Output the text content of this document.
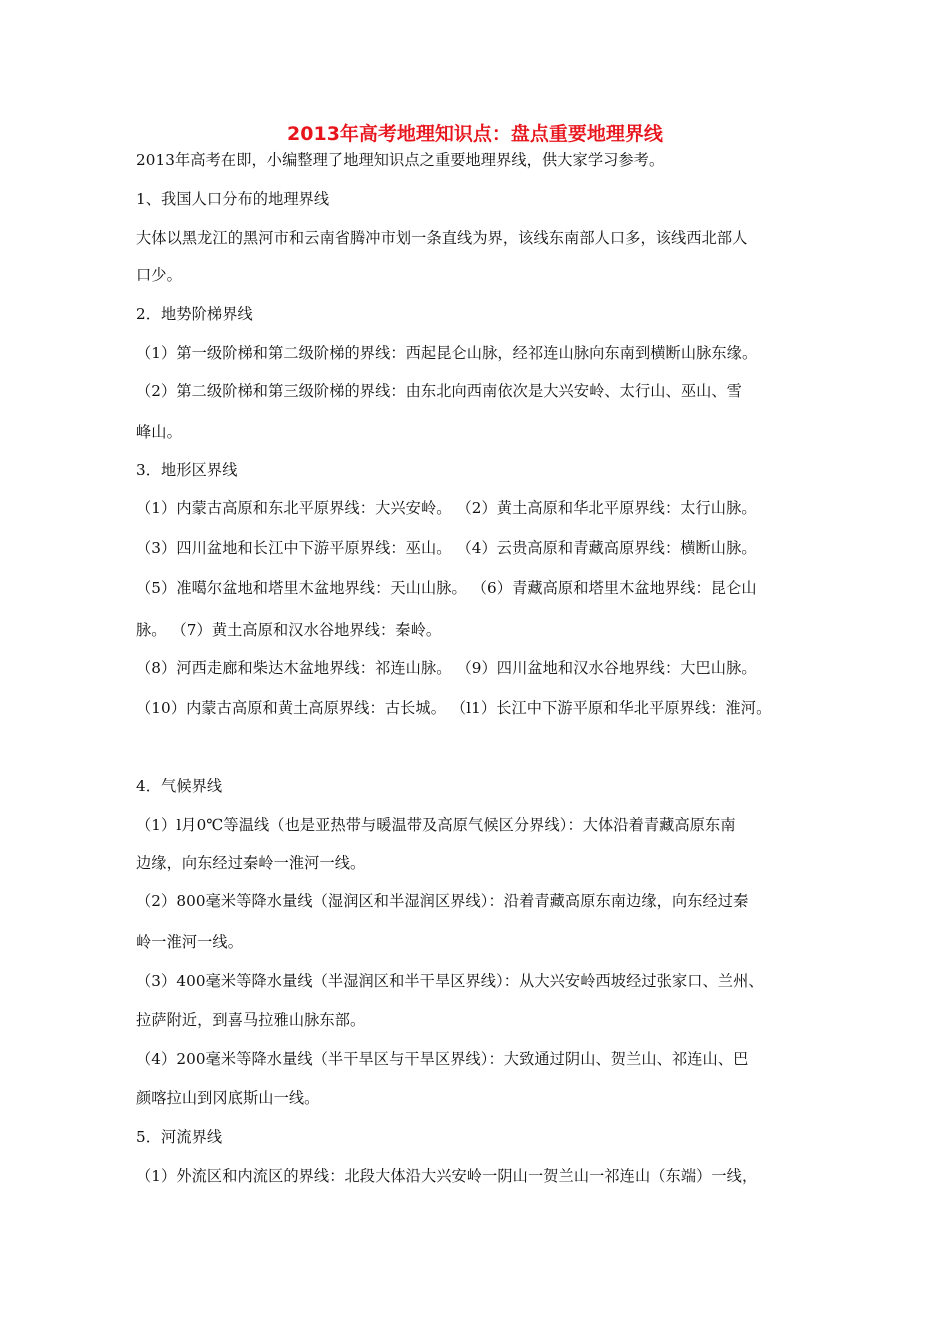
2013年高考地理知识点：盘点重要地理界线
2013年高考在即，小编整理了地理知识点之重要地理界线，供大家学习参考。
1、我国人口分布的地理界线
大体以黑龙江的黑河市和云南省腾冲市划一条直线为界，该线东南部人口多，该线西北部人
口少。
2．地势阶梯界线
（1）第一级阶梯和第二级阶梯的界线：西起昆仑山脉，经祁连山脉向东南到横断山脉东缘。
（2）第二级阶梯和第三级阶梯的界线：由东北向西南依次是大兴安岭、太行山、巫山、雪
峰山。
3．地形区界线
（1）内蒙古高原和东北平原界线：大兴安岭。 （2）黄土高原和华北平原界线：太行山脉。
（3）四川盆地和长江中下游平原界线：巫山。 （4）云贵高原和青藏高原界线：横断山脉。
（5）准噶尔盆地和塔里木盆地界线：天山山脉。 （6）青藏高原和塔里木盆地界线：昆仑山
脉。 （7）黄土高原和汉水谷地界线：秦岭。
（8）河西走廊和柴达木盆地界线：祁连山脉。 （9）四川盆地和汉水谷地界线：大巴山脉。
（10）内蒙古高原和黄土高原界线：古长城。 （l1）长江中下游平原和华北平原界线：淮河。
4．气候界线
（1）l月0℃等温线（也是亚热带与暖温带及高原气候区分界线）：大体沿着青藏高原东南
边缘，向东经过秦岭一淮河一线。
（2）800毫米等降水量线（湿润区和半湿润区界线）：沿着青藏高原东南边缘，向东经过秦
岭一淮河一线。
（3）400毫米等降水量线（半湿润区和半干旱区界线）：从大兴安岭西坡经过张家口、兰州、
拉萨附近，到喜马拉雅山脉东部。
（4）200毫米等降水量线（半干旱区与干旱区界线）：大致通过阴山、贺兰山、祁连山、巴
颜喀拉山到冈底斯山一线。
5．河流界线
（1）外流区和内流区的界线：北段大体沿大兴安岭一阴山一贺兰山一祁连山（东端）一线，
